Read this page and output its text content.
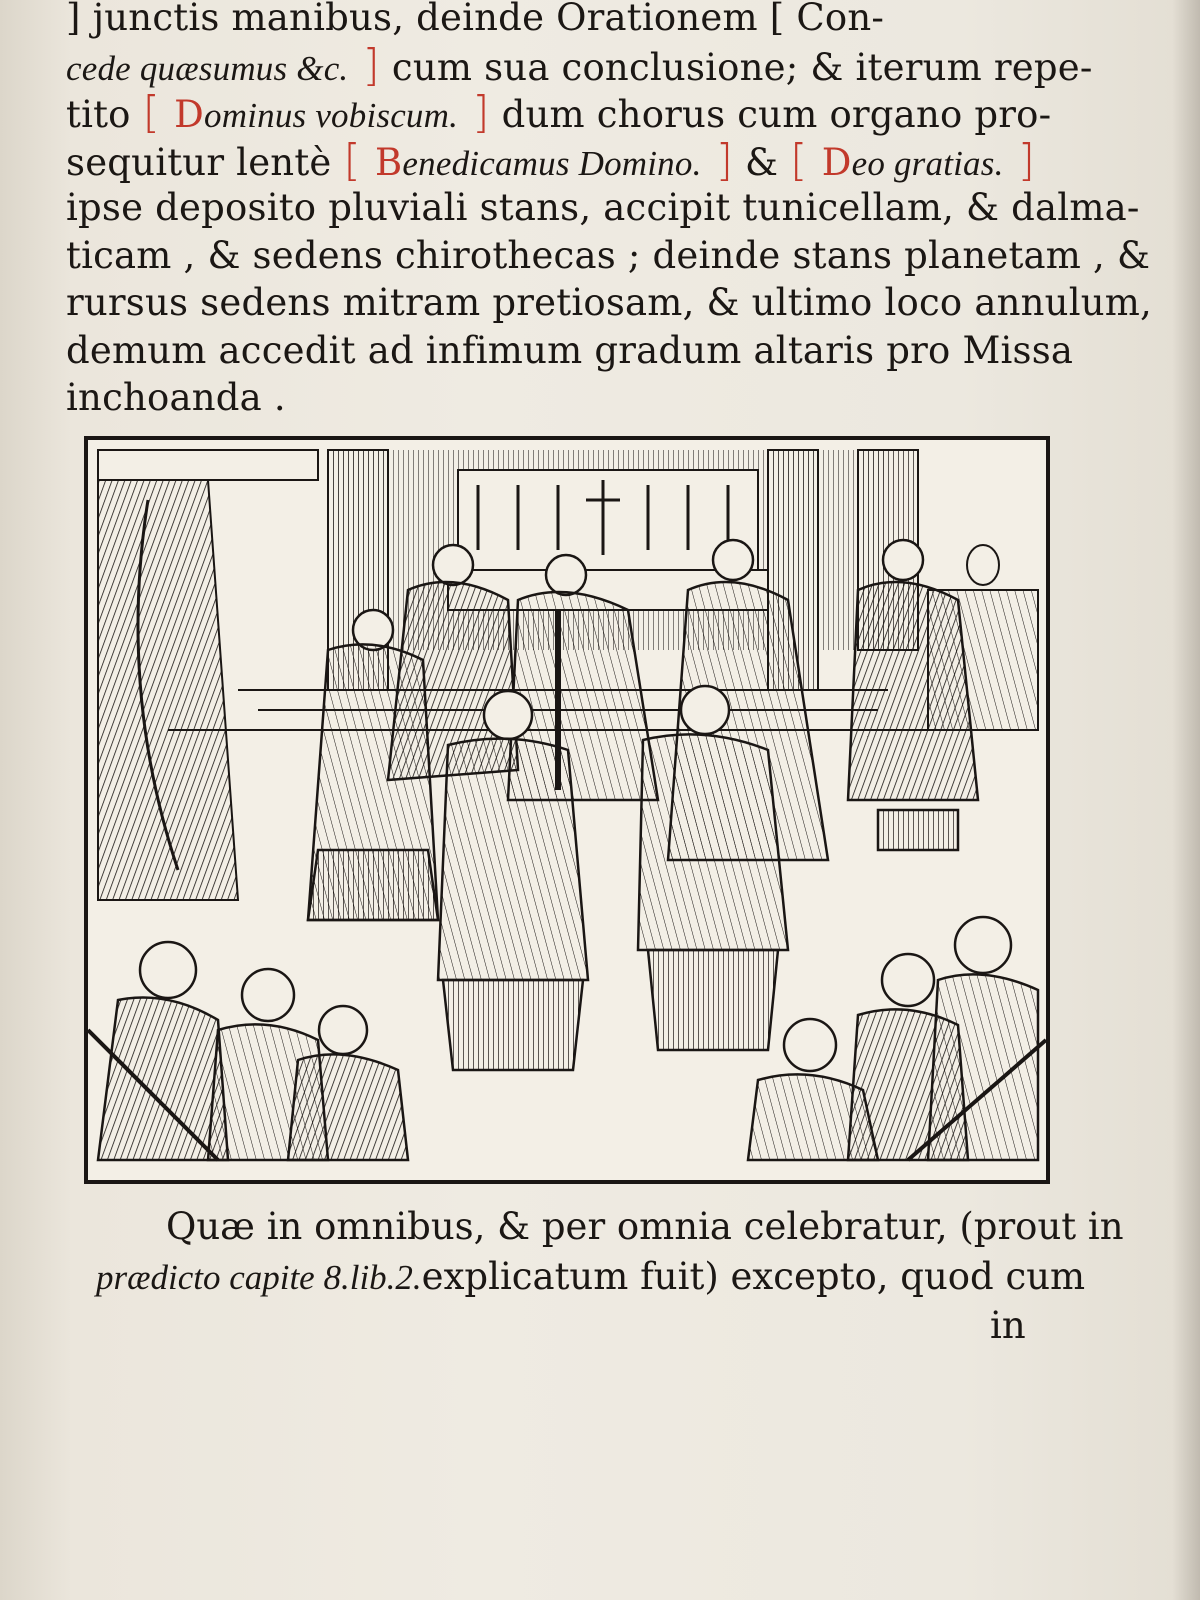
] junctis manibus, deinde Orationem [ Con-
cede quæsumus &c. ] cum sua conclusione; & iterum repe-
tito [ Dominus vobiscum. ] dum chorus cum organo pro-
sequitur lentè [ Benedicamus Domino. ] & [ Deo gratias. ]
ipse deposito pluviali stans, accipit tunicellam, & dalma-
ticam , & sedens chirothecas ; deinde stans planetam , &
rursus sedens mitram pretiosam, & ultimo loco annulum,
demum accedit ad infimum gradum altaris pro Missa
inchoanda .
Quæ in omnibus, & per omnia celebratur, (prout in
prædicto capite 8.lib.2.explicatum fuit) excepto, quod cum
in
